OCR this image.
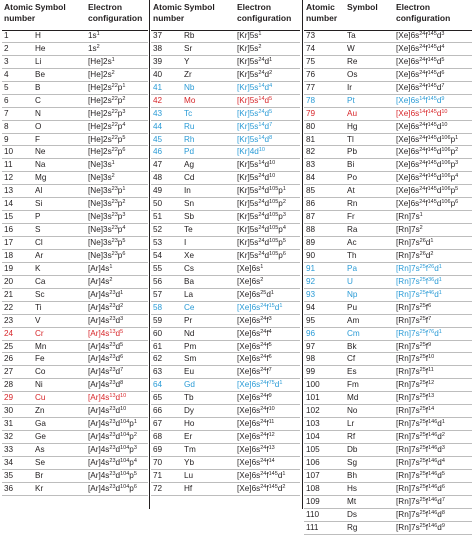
Atomic number
Symbol	Electron configuration
1	H	$1s^1$
2	He	$1s^2$
3	Li	$[He]2s^1$
4	Be	$[He]2s^2$
5	B	$[He]2s^{22}p^1$
6	C	$[He]2s^{22}p^2$
7	N	$[He]2s^{22}p^3$
8	O	$[He]2s^{22}p^4$
9	F	$[He]2s^{22}p^5$
10	Ne	$[He]2s^{22}p^6$
11	Na	$[Ne]3s^1$
12	Mg	$[Ne]3s^2$
13	Al	$[Ne]3s^{23}p^1$
14	Si	$[Ne]3s^{23}p^2$
15	P	$[Ne]3s^{23}p^3$
16	S	$[Ne]3s^{23}p^4$
17	Cl	$[Ne]3s^{23}p^5$
18	Ar	$[Ne]3s^{23}p^6$
19	K	$[Ar]4s^1$
20	Ca	$[Ar]4s^2$
21	Sc	$[Ar]4s^{23}d^1$
22	Ti	$[Ar]4s^{23}d^2$
23	V	$[Ar]4s^{23}d^3$
24	Cr	$[Ar]4s^{13}d^5$
25	Mn	$[Ar]4s^{23}d^5$
26	Fe	$[Ar]4s^{23}d^6$
27	Co	$[Ar]4s^{23}d^7$
28	Ni	$[Ar]4s^{23}d^8$
29	Cu	$[Ar]4s^{13}d^{10}$
30	Zn	$[Ar]4s^{23}d^{10}$
31	Ga	$[Ar]4s^{23}d^{104}p^1$
32	Ge	$[Ar]4s^{23}d^{104}p^2$
33	As	$[Ar]4s^{23}d^{104}p^3$
34	Se	$[Ar]4s^{23}d^{104}p^4$
35	Br	$[Ar]4s^{23}d^{104}p^5$
36	Kr	$[Ar]4s^{23}d^{104}p^6$
Atomic number
Symbol	Electron configuration
37	Rb	$[Kr]5s^1$
38	Sr	$[Kr]5s^2$
39	Y	$[Kr]5s^{24}d^1$
40	Zr	$[Kr]5s^{24}d^2$
41	Nb	$[Kr]5s^{14}d^4$
42	Mo	$[Kr]5s^{14}d^5$
43	Tc	$[Kr]5s^{24}d^5$
44	Ru	$[Kr]5s^{14}d^7$
45	Rh	$[Kr]5s^{14}d^8$
46	Pd	$[Kr]4d^{10}$
47	Ag	$[Kr]5s^{14}d^{10}$
48	Cd	$[Kr]5s^{24}d^{10}$
49	In	$[Kr]5s^{24}d^{105}p^1$
50	Sn	$[Kr]5s^{24}d^{105}p^2$
51	Sb	$[Kr]5s^{24}d^{105}p^3$
52	Te	$[Kr]5s^{24}d^{105}p^4$
53	I	$[Kr]5s^{24}d^{105}p^5$
54	Xe	$[Kr]5s^{24}d^{105}p^6$
55	Cs	$[Xe]6s^1$
56	Ba	$[Xe]6s^2$
57	La	$[Xe]6s^{25}d^1$
58	Ce	$[Xe]6s^{24}f^{15}d^1$
59	Pr	$[Xe]6s^{24}f^3$
60	Nd	$[Xe]6s^{24}f^4$
61	Pm	$[Xe]6s^{24}f^5$
62	Sm	$[Xe]6s^{24}f^6$
63	Eu	$[Xe]6s^{24}f^7$
64	Gd	$[Xe]6s^{24}f^{75}d^1$
65	Tb	$[Xe]6s^{24}f^9$
66	Dy	$[Xe]6s^{24}f^{10}$
67	Ho	$[Xe]6s^{24}f^{11}$
68	Er	$[Xe]6s^{24}f^{12}$
69	Tm	$[Xe]6s^{24}f^{13}$
70	Yb	$[Xe]6s^{24}f^{14}$
71	Lu	$[Xe]6s^{24}f^{145}d^1$
72	Hf	$[Xe]6s^{24}f^{145}d^2$
Atomic number
Symbol Electron configuration
73	Ta	$[Xe]6s^{24}f^{145}d^3$
74	W	$[Xe]6s^{24}f^{145}d^4$
75	Re	$[Xe]6s^{24}f^{145}d^5$
76	Os	$[Xe]6s^{24}f^{145}d^6$
77	Ir	$[Xe]6s^{24}f^{145}d^7$
78	Pt	$[Xe]6s^{14}f^{145}d^9$
79	Au	$[Xe]6s^{14}f^{145}d^{10}$
80	Hg	$[Xe]6s^{24}f^{145}d^{10}$
81	Tl	$[Xe]6s^{24}f^{145}d^{106}p^1$
82	Pb	$[Xe]6s^{24}f^{145}d^{106}p^2$
83	Bi	$[Xe]6s^{24}f^{145}d^{106}p^3$
84	Po	$[Xe]6s^{24}f^{145}d^{106}p^4$
85	At	$[Xe]6s^{24}f^{145}d^{106}p^5$
86	Rn	$[Xe]6s^{24}f^{145}d^{106}p^6$
87	Fr	$[Rn]7s^1$
88	Ra	$[Rn]7s^2$
89	Ac	$[Rn]7s^{26}d^1$
90	Th	$[Rn]7s^{26}d^2$
91	Pa	$[Rn]7s^{25}f^{26}d^1$
92	U	$[Rn]7s^{25}f^{36}d^1$
93	Np	$[Rn]7s^{25}f^{46}d^1$
94	Pu	$[Rn]7s^{25}f^6$
95	Am	$[Rn]7s^{25}f^7$
96	Cm	$[Rn]7s^{25}f^{76}d^1$
97	Bk	$[Rn]7s^{25}f^9$
98	Cf	$[Rn]7s^{25}f^{10}$
99	Es	$[Rn]7s^{25}f^{11}$
100	Fm	$[Rn]7s^{25}f^{12}$
101	Md	$[Rn]7s^{25}f^{13}$
102	No	$[Rn]7s^{25}f^{14}$
103	Lr	$[Rn]7s^{25}f^{146}d^1$
104	Rf	$[Rn]7s^{25}f^{146}d^2$
105	Db	$[Rn]7s^{25}f^{146}d^3$
106	Sg	$[Rn]7s^{25}f^{146}d^4$
107	Bh	$[Rn]7s^{25}f^{146}d^5$
108	Hs	$[Rn]7s^{25}f^{146}d^6$
109	Mt	$[Rn]7s^{25}f^{146}d^7$
110	Ds	$[Rn]7s^{25}f^{146}d^8$
111	Rg	$[Rn]7s^{25}f^{146}d^9$
